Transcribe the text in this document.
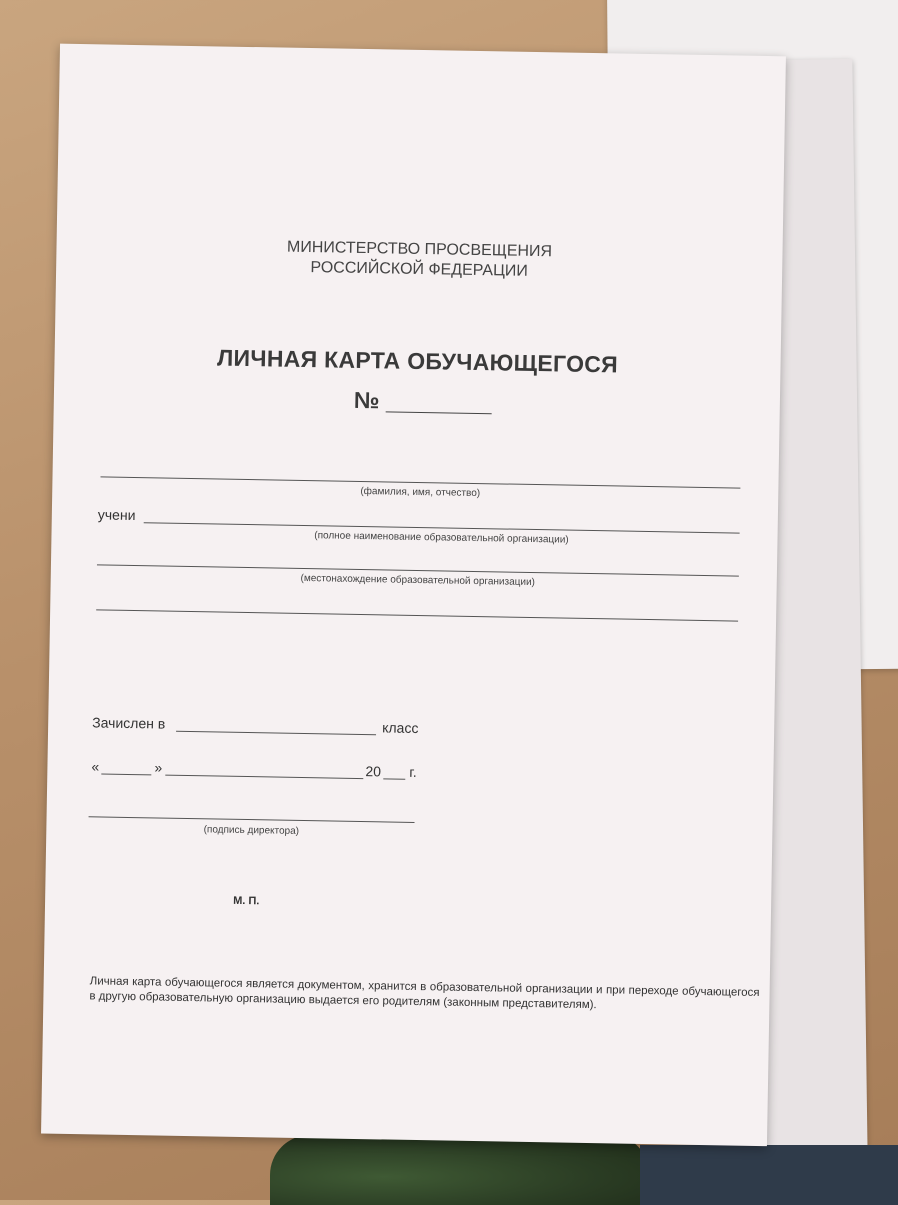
МИНИСТЕРСТВО ПРОСВЕЩЕНИЯ
РОССИЙСКОЙ ФЕДЕРАЦИИ
ЛИЧНАЯ КАРТА ОБУЧАЮЩЕГОСЯ
№
(фамилия, имя, отчество)
учени
(полное наименование образовательной организации)
(местонахождение образовательной организации)
Зачислен в	класс
«	»	20 г.
(подпись директора)
М. П.
Личная карта обучающегося является документом, хранится в образовательной организации и при переходе обучающегося в другую образовательную организацию выдается его родителям (законным представителям).
